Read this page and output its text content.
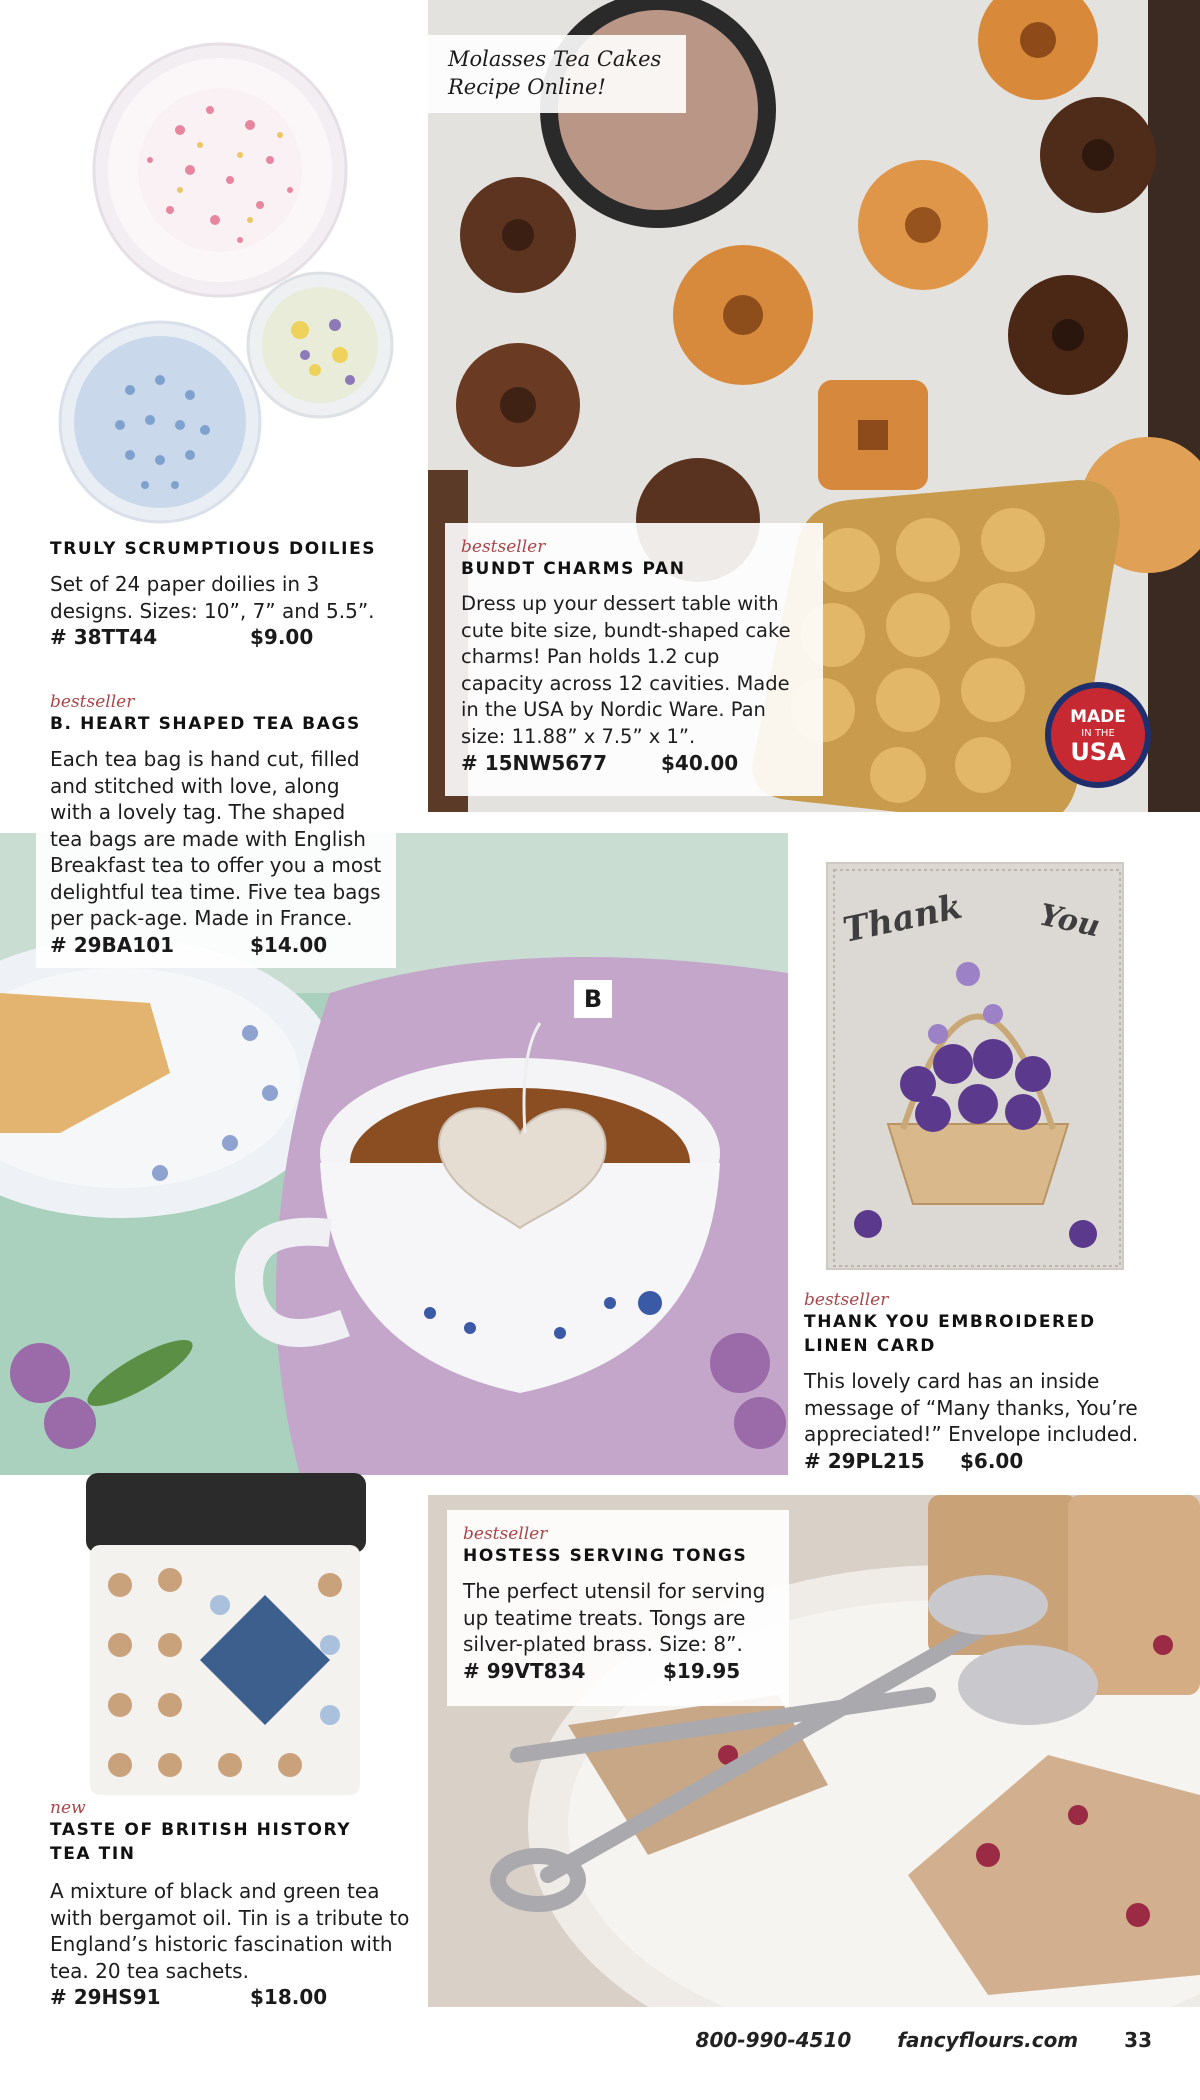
TRULY SCRUMPTIOUS DOILIES
Set of 24 paper doilies in 3 designs. Sizes: 10”, 7” and 5.5”.
# 38TT44	$9.00
MADE
IN THE
USA
Molasses Tea Cakes
Recipe Online!
bestseller
BUNDT CHARMS PAN
Dress up your dessert table with cute bite size, bundt-shaped cake charms! Pan holds 1.2 cup capacity across 12 cavities. Made in the USA by Nordic Ware. Pan size: 11.88” x 7.5” x 1”.
# 15NW5677	$40.00
bestseller
B. HEART SHAPED TEA BAGS
Each tea bag is hand cut, filled and stitched with love, along with a lovely tag. The shaped tea bags are made with English Breakfast tea to offer you a most delightful tea time. Five tea bags per pack-age. Made in France.
# 29BA101	$14.00
B
Thank You
bestseller
THANK YOU EMBROIDERED
LINEN CARD
This lovely card has an inside message of “Many thanks, You’re appreciated!” Envelope included.
# 29PL215	$6.00
new
TASTE OF BRITISH HISTORY
TEA TIN
A mixture of black and green tea with bergamot oil. Tin is a tribute to England’s historic fascination with tea. 20 tea sachets.
# 29HS91	$18.00
bestseller
HOSTESS SERVING TONGS
The perfect utensil for serving up teatime treats. Tongs are silver-plated brass. Size: 8”.
# 99VT834	$19.95
800-990-4510 fancyflours.com 33
